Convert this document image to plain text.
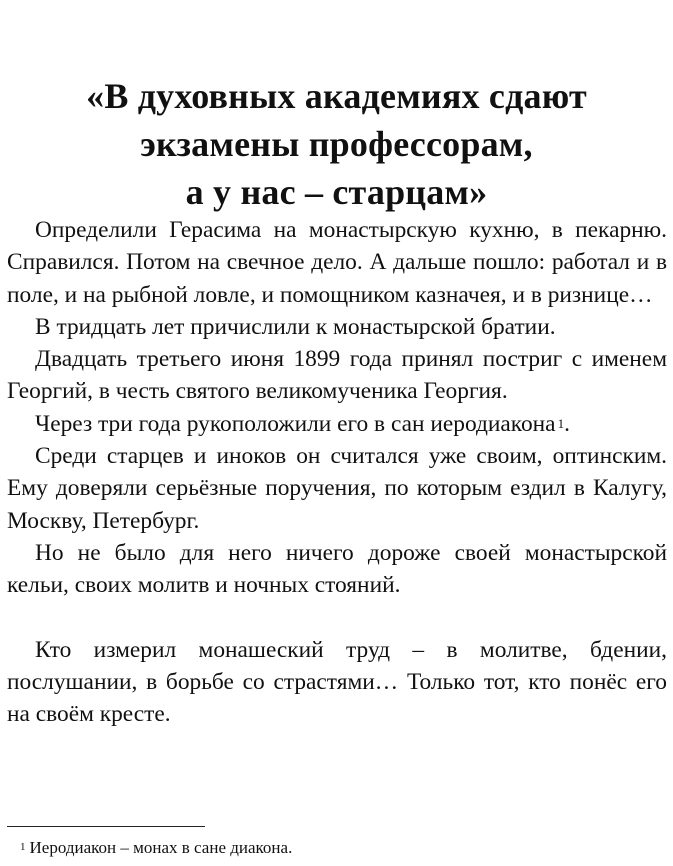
«В духовных академиях сдают
экзамены профессорам,
а у нас – старцам»

Определили Герасима на монастырскую кухню, в пекарню. Справился. Потом на свечное дело. А дальше пошло: работал и в поле, и на рыбной ловле, и помощником казначея, и в ризнице…

В тридцать лет причислили к монастырской братии.

Двадцать третьего июня 1899 года принял постриг с именем Георгий, в честь святого великомученика Георгия.

Через три года рукоположили его в сан иеродиакона $^1$.

Среди старцев и иноков он считался уже своим, оптинским. Ему доверяли серьёзные поручения, по которым ездил в Калугу, Москву, Петербург.

Но не было для него ничего дороже своей монастырской кельи, своих молитв и ночных стояний.

Кто измерил монашеский труд – в молитве, бдении, послушании, в борьбе со страстями… Только тот, кто понёс его на своём кресте.

$^1$ Иеродиакон – монах в сане диакона.
